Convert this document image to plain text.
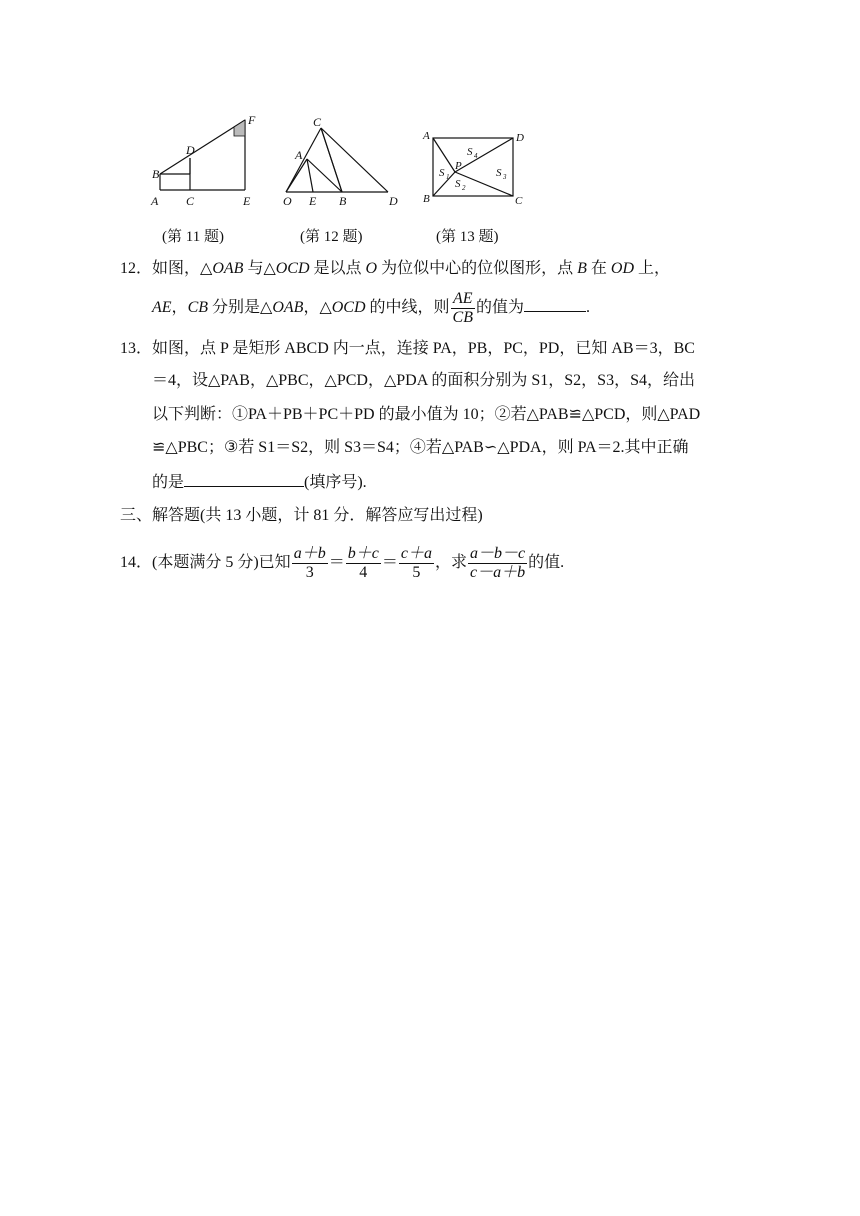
A
B
C
D
E
F	C
A
O E B	D
A	D
B	C
P
S 1
S 2
S 3
S 4
(第 11 题)	(第 12 题)	(第 13 题)
12．如图，△OAB 与△OCD 是以点 O 为位似中心的位似图形，点 B 在 OD 上，
AE，CB 分别是△OAB，△OCD 的中线，则 $\frac{AE}{CB}$ 的值为	.
13．如图，点 P 是矩形 ABCD 内一点，连接 PA，PB，PC，PD，已知 AB＝3，BC
＝4，设△PAB，△PBC，△PCD，△PDA 的面积分别为 S1，S2，S3，S4，给出
以下判断：①PA＋PB＋PC＋PD 的最小值为 10；②若△PAB≌△PCD，则△PAD
≌△PBC；③若 S1＝S2，则 S3＝S4；④若△PAB∽△PDA，则 PA＝2.其中正确
的是	(填序号).
三、解答题(共 13 小题，计 81 分．解答应写出过程)
14．(本题满分 5 分)已知 $\frac{a+b}{3} = \frac{b+c}{4} = \frac{c+a}{5}$ ，求 $\frac{a-b-c}{c-a+b}$ 的值.
